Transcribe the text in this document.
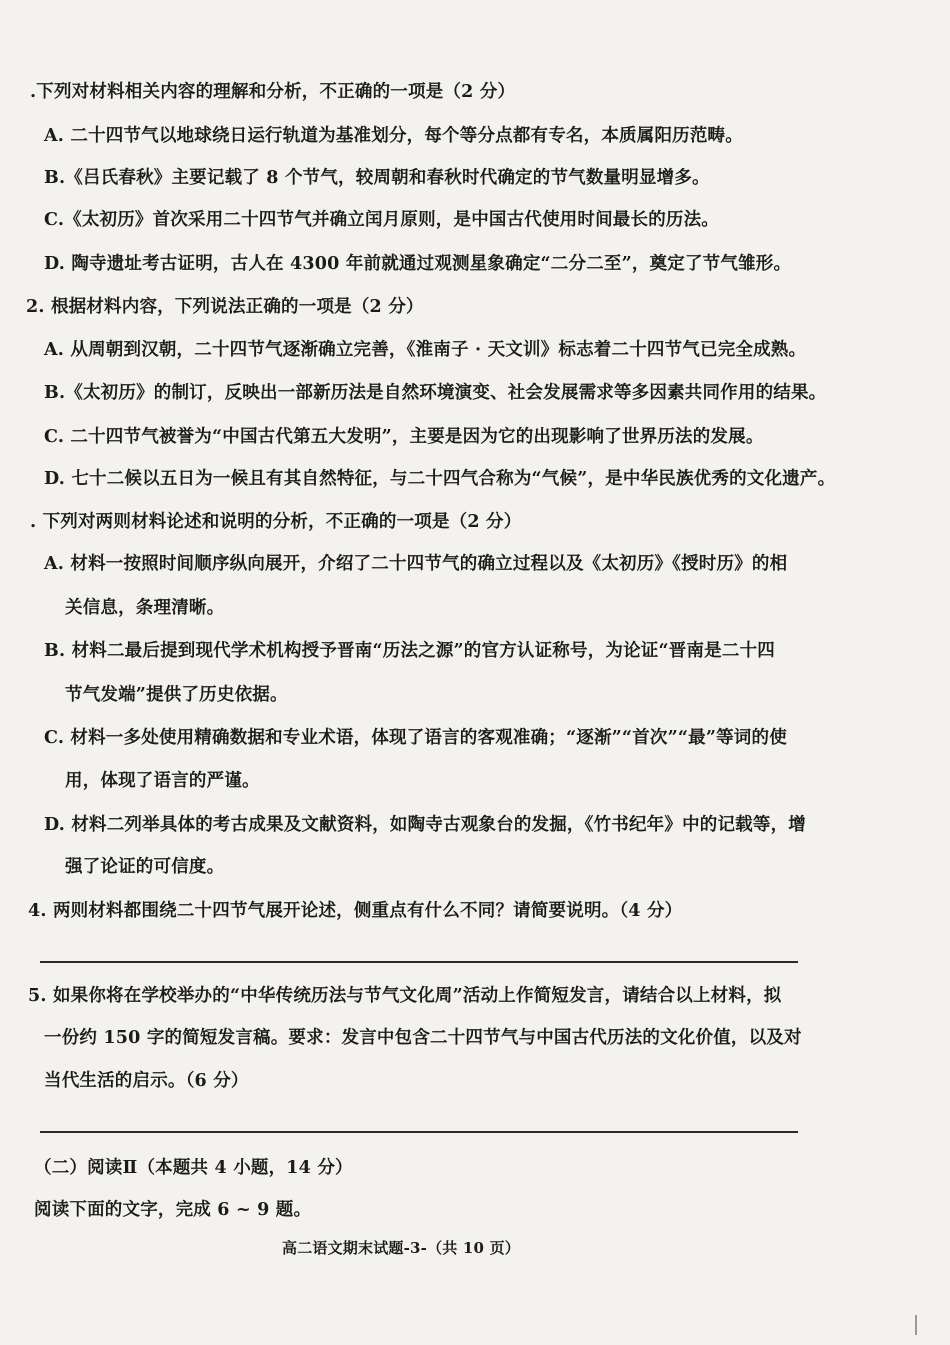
.下列对材料相关内容的理解和分析，不正确的一项是（2 分）
A. 二十四节气以地球绕日运行轨道为基准划分，每个等分点都有专名，本质属阳历范畴。
B.《吕氏春秋》主要记载了 8 个节气，较周朝和春秋时代确定的节气数量明显增多。
C.《太初历》首次采用二十四节气并确立闰月原则，是中国古代使用时间最长的历法。
D. 陶寺遗址考古证明，古人在 4300 年前就通过观测星象确定“二分二至”，奠定了节气雏形。
2. 根据材料内容，下列说法正确的一项是（2 分）
A. 从周朝到汉朝，二十四节气逐渐确立完善，《淮南子 · 天文训》标志着二十四节气已完全成熟。
B.《太初历》的制订，反映出一部新历法是自然环境演变、社会发展需求等多因素共同作用的结果。
C. 二十四节气被誉为“中国古代第五大发明”，主要是因为它的出现影响了世界历法的发展。
D. 七十二候以五日为一候且有其自然特征，与二十四气合称为“气候”，是中华民族优秀的文化遗产。
. 下列对两则材料论述和说明的分析，不正确的一项是（2 分）
A. 材料一按照时间顺序纵向展开，介绍了二十四节气的确立过程以及《太初历》《授时历》的相
关信息，条理清晰。
B. 材料二最后提到现代学术机构授予晋南“历法之源”的官方认证称号，为论证“晋南是二十四
节气发端”提供了历史依据。
C. 材料一多处使用精确数据和专业术语，体现了语言的客观准确；“逐渐”“首次”“最”等词的使
用，体现了语言的严谨。
D. 材料二列举具体的考古成果及文献资料，如陶寺古观象台的发掘，《竹书纪年》中的记载等，增
强了论证的可信度。
4. 两则材料都围绕二十四节气展开论述，侧重点有什么不同？请简要说明。（4 分）
5. 如果你将在学校举办的“中华传统历法与节气文化周”活动上作简短发言，请结合以上材料，拟
一份约 150 字的简短发言稿。要求：发言中包含二十四节气与中国古代历法的文化价值，以及对
当代生活的启示。（6 分）
（二）阅读Ⅱ（本题共 4 小题，14 分）
阅读下面的文字，完成 6 ~ 9 题。
高二语文期末试题-3-（共 10 页）
